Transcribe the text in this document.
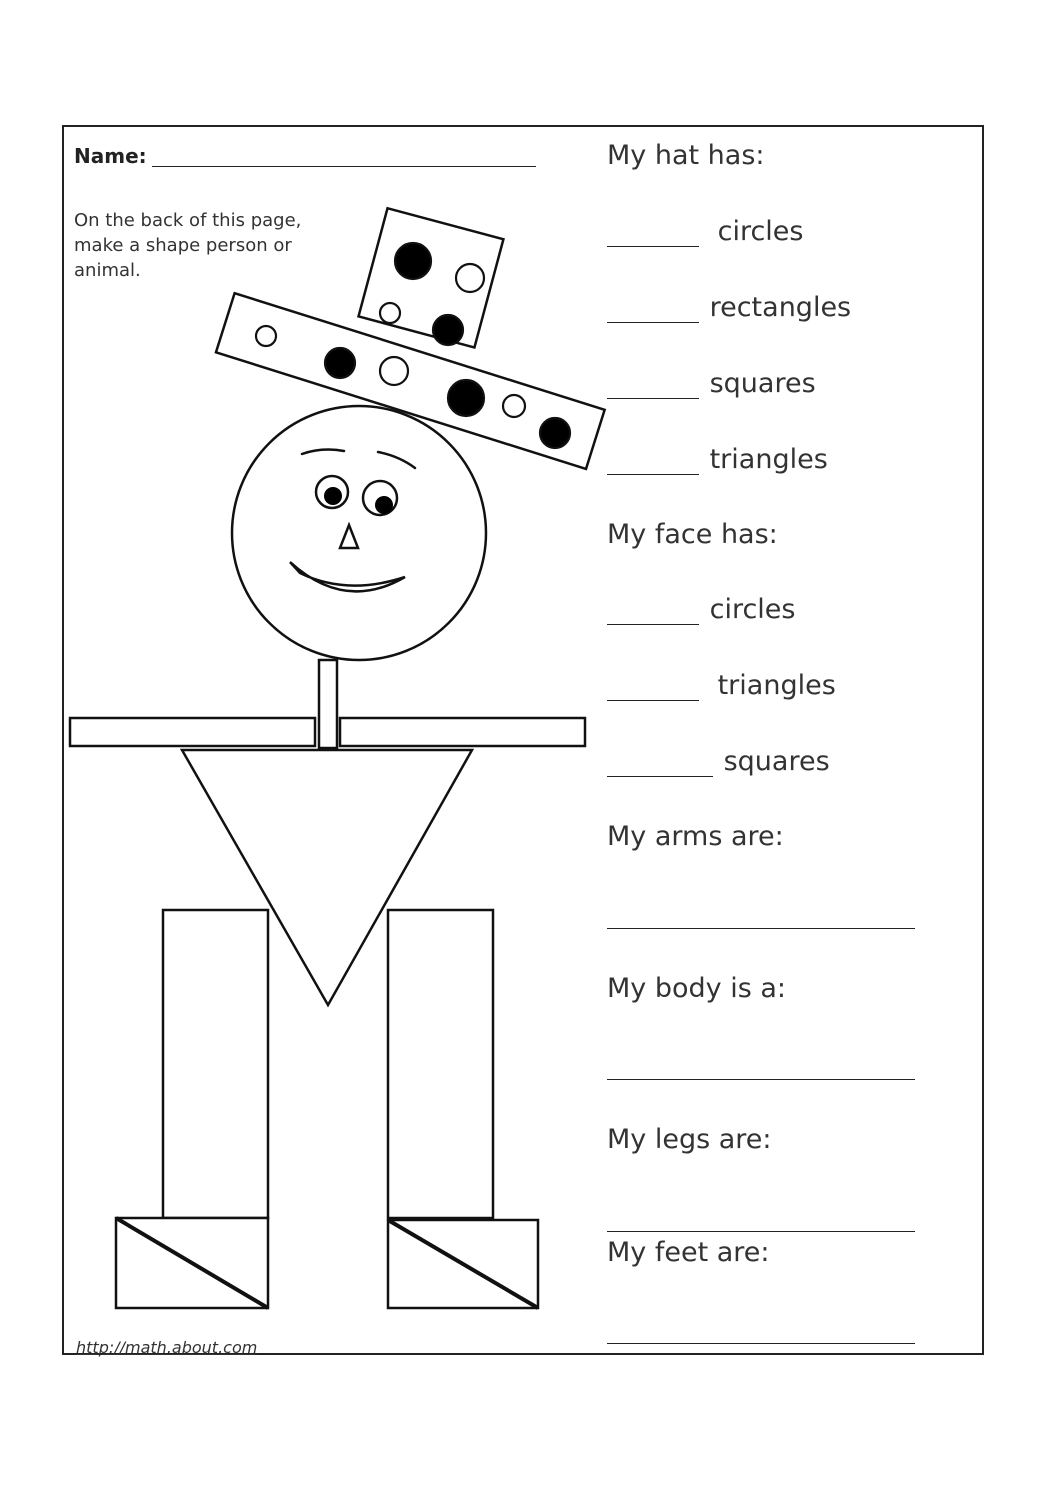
Name:
On the back of this page, make a shape person or animal.
My hat has:
circles
rectangles
squares
triangles
My face has:
circles
triangles
squares
My arms are:
My body is a:
My legs are:
My feet are:
http://math.about.com
